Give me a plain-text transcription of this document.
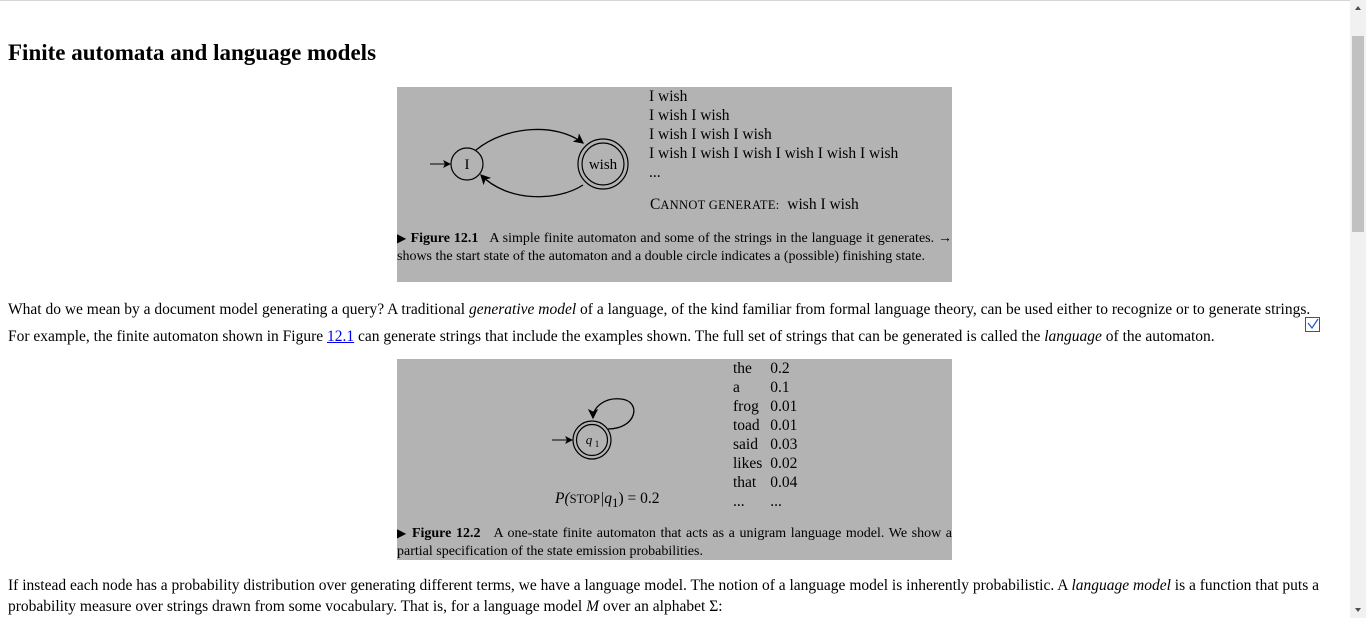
Finite automata and language models
I	wish
I wish
I wish I wish
I wish I wish I wish
I wish I wish I wish I wish I wish I wish
...
CANNOT GENERATE: wish I wish
▶ Figure 12.1 A simple finite automaton and some of the strings in the language it generates. → shows the start state of the automaton and a double circle indicates a (possible) finishing state.
What do we mean by a document model generating a query? A traditional generative model of a language, of the kind familiar from formal language theory, can be used either to recognize or to generate strings. For example, the finite automaton shown in Figure 12.1 can generate strings that include the examples shown. The full set of strings that can be generated is called the language of the automaton.
q 1
the	0.2
a	0.1
frog	0.01
toad	0.01
said	0.03
likes	0.02
that	0.04
...	...
$P(STOP|q_1) = 0.2$
▶ Figure 12.2 A one-state finite automaton that acts as a unigram language model. We show a partial specification of the state emission probabilities.
If instead each node has a probability distribution over generating different terms, we have a language model. The notion of a language model is inherently probabilistic. A language model is a function that puts a probability measure over strings drawn from some vocabulary. That is, for a language model M over an alphabet Σ:
